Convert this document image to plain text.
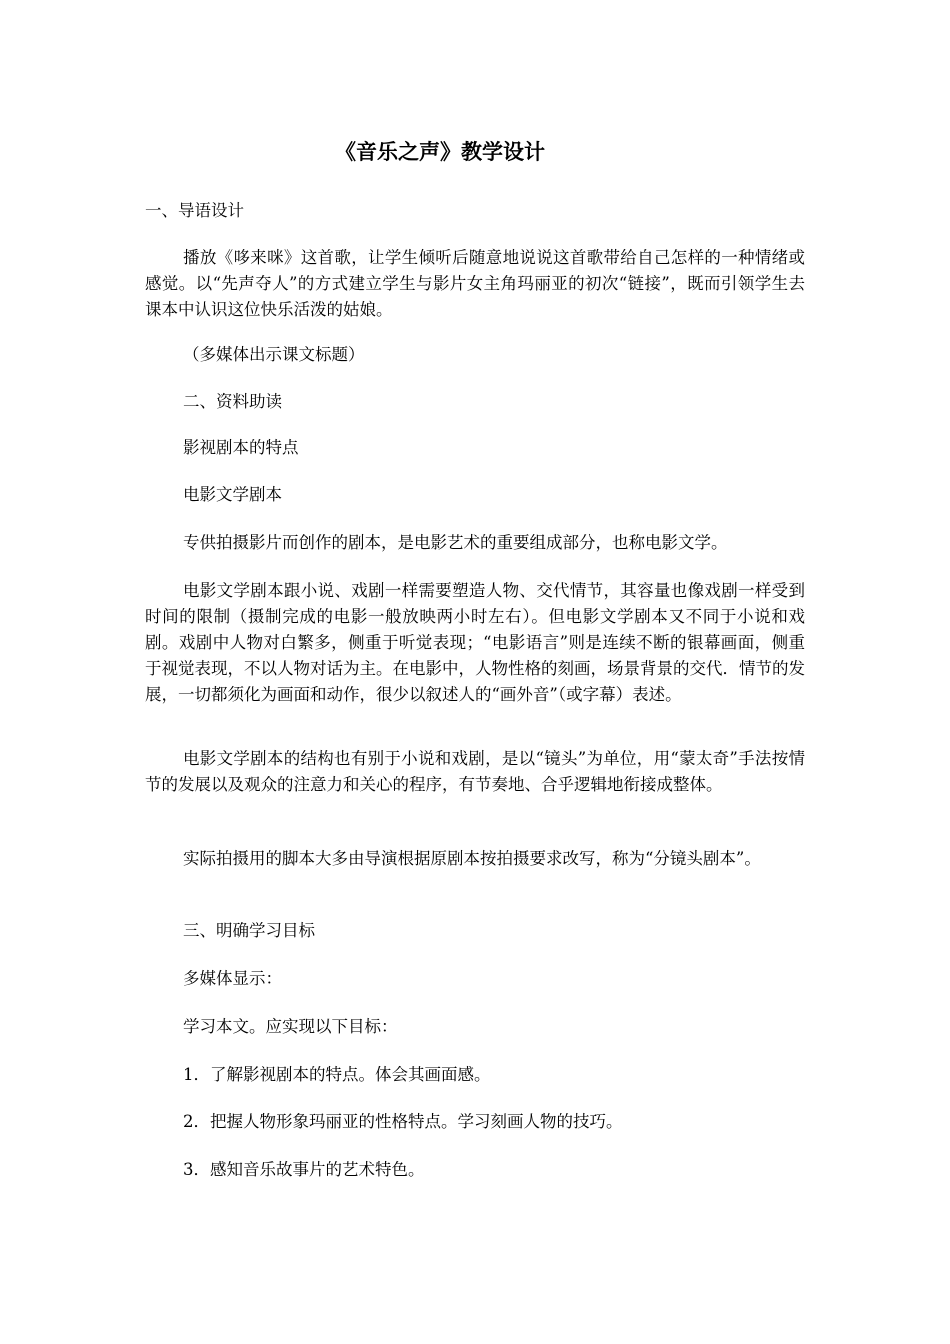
《音乐之声》教学设计

一、导语设计

播放《哆来咪》这首歌，让学生倾听后随意地说说这首歌带给自己怎样的一种情绪或感觉。以“先声夺人”的方式建立学生与影片女主角玛丽亚的初次“链接”，既而引领学生去课本中认识这位快乐活泼的姑娘。

（多媒体出示课文标题）

二、资料助读

影视剧本的特点

电影文学剧本

专供拍摄影片而创作的剧本，是电影艺术的重要组成部分，也称电影文学。

电影文学剧本跟小说、戏剧一样需要塑造人物、交代情节，其容量也像戏剧一样受到时间的限制（摄制完成的电影一般放映两小时左右）。但电影文学剧本又不同于小说和戏剧。戏剧中人物对白繁多，侧重于听觉表现；“电影语言”则是连续不断的银幕画面，侧重于视觉表现，不以人物对话为主。在电影中，人物性格的刻画，场景背景的交代．情节的发展，一切都须化为画面和动作，很少以叙述人的“画外音”（或字幕）表述。

电影文学剧本的结构也有别于小说和戏剧，是以“镜头”为单位，用“蒙太奇”手法按情节的发展以及观众的注意力和关心的程序，有节奏地、合乎逻辑地衔接成整体。

实际拍摄用的脚本大多由导演根据原剧本按拍摄要求改写，称为“分镜头剧本”。

三、明确学习目标

多媒体显示：

学习本文。应实现以下目标：

1．了解影视剧本的特点。体会其画面感。

2．把握人物形象玛丽亚的性格特点。学习刻画人物的技巧。

3．感知音乐故事片的艺术特色。
